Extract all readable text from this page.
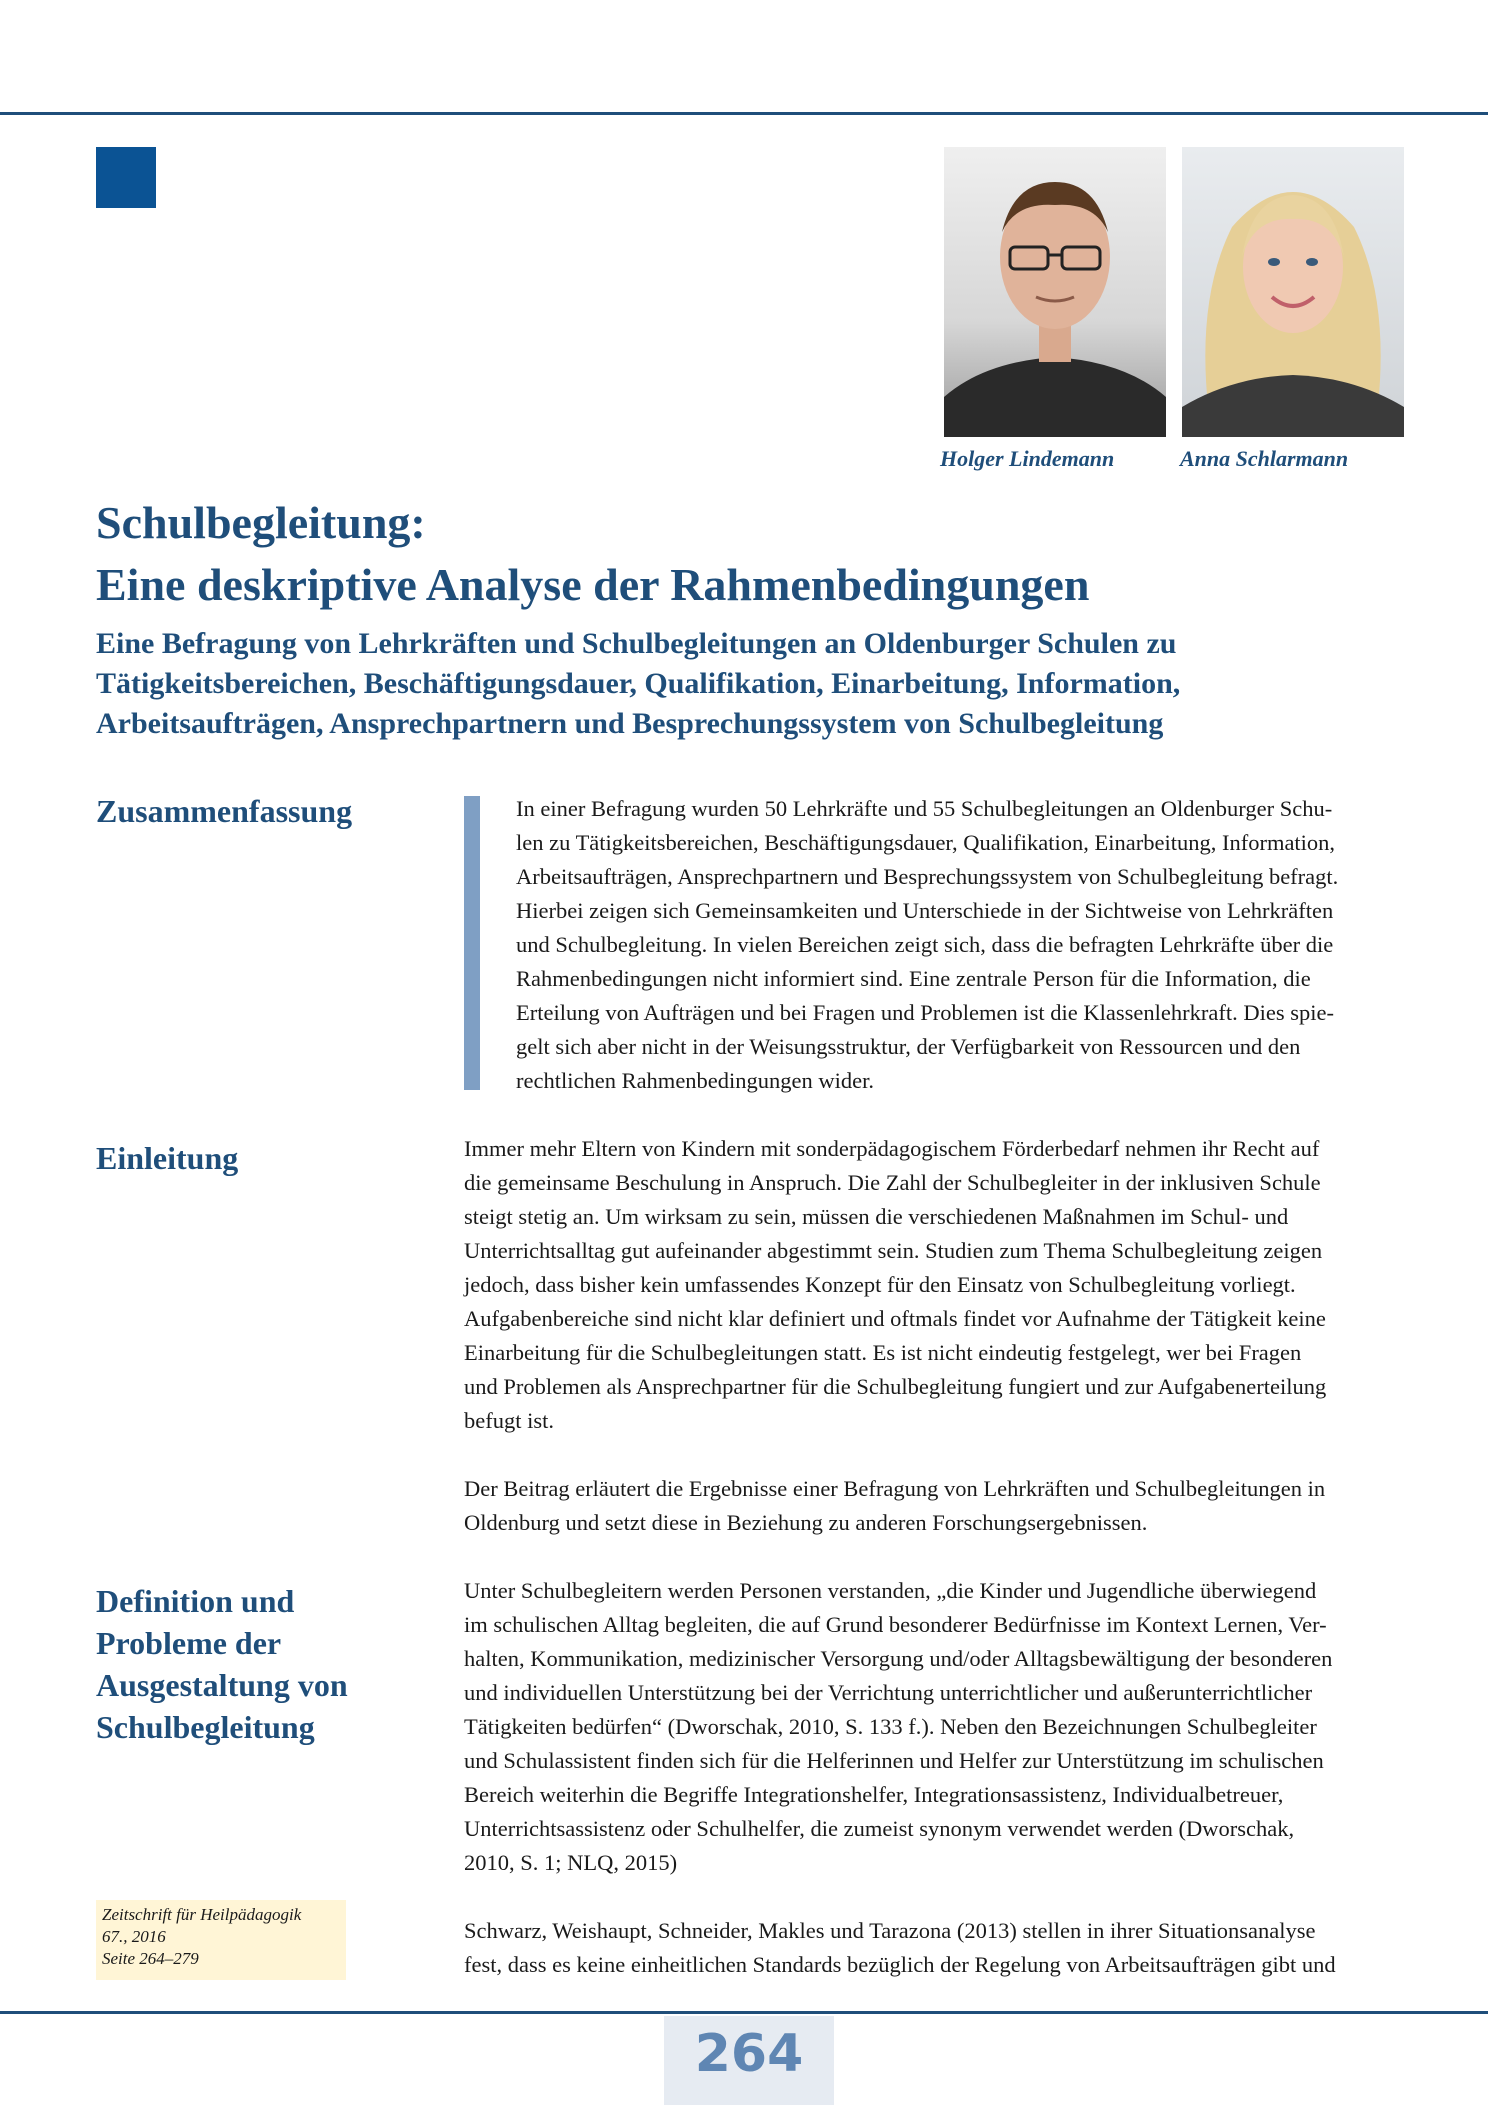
Holger Lindemann	Anna Schlarmann
Schulbegleitung:
Eine deskriptive Analyse der Rahmenbedingungen
Eine Befragung von Lehrkräften und Schulbegleitungen an Oldenburger Schulen zu
Tätigkeitsbereichen, Beschäftigungsdauer, Qualifikation, Einarbeitung, Information,
Arbeitsaufträgen, Ansprechpartnern und Besprechungssystem von Schulbegleitung
Zusammenfassung	In einer Befragung wurden 50 Lehrkräfte und 55 Schulbegleitungen an Oldenburger Schu-
len zu Tätigkeitsbereichen, Beschäftigungsdauer, Qualifikation, Einarbeitung, Information,
Arbeitsaufträgen, Ansprechpartnern und Besprechungssystem von Schulbegleitung befragt.
Hierbei zeigen sich Gemeinsamkeiten und Unterschiede in der Sichtweise von Lehrkräften
und Schulbegleitung. In vielen Bereichen zeigt sich, dass die befragten Lehrkräfte über die
Rahmenbedingungen nicht informiert sind. Eine zentrale Person für die Information, die
Erteilung von Aufträgen und bei Fragen und Problemen ist die Klassenlehrkraft. Dies spie-
gelt sich aber nicht in der Weisungsstruktur, der Verfügbarkeit von Ressourcen und den
rechtlichen Rahmenbedingungen wider.
Einleitung	Immer mehr Eltern von Kindern mit sonderpädagogischem Förderbedarf nehmen ihr Recht auf
die gemeinsame Beschulung in Anspruch. Die Zahl der Schulbegleiter in der inklusiven Schule
steigt stetig an. Um wirksam zu sein, müssen die verschiedenen Maßnahmen im Schul- und
Unterrichtsalltag gut aufeinander abgestimmt sein. Studien zum Thema Schulbegleitung zeigen
jedoch, dass bisher kein umfassendes Konzept für den Einsatz von Schulbegleitung vorliegt.
Aufgabenbereiche sind nicht klar definiert und oftmals findet vor Aufnahme der Tätigkeit keine
Einarbeitung für die Schulbegleitungen statt. Es ist nicht eindeutig festgelegt, wer bei Fragen
und Problemen als Ansprechpartner für die Schulbegleitung fungiert und zur Aufgabenerteilung
befugt ist.
Der Beitrag erläutert die Ergebnisse einer Befragung von Lehrkräften und Schulbegleitungen in
Oldenburg und setzt diese in Beziehung zu anderen Forschungsergebnissen.
Definition und
Probleme der
Ausgestaltung von
Schulbegleitung
Unter Schulbegleitern werden Personen verstanden, „die Kinder und Jugendliche überwiegend
im schulischen Alltag begleiten, die auf Grund besonderer Bedürfnisse im Kontext Lernen, Ver-
halten, Kommunikation, medizinischer Versorgung und/oder Alltagsbewältigung der besonderen
und individuellen Unterstützung bei der Verrichtung unterrichtlicher und außerunterrichtlicher
Tätigkeiten bedürfen“ (Dworschak, 2010, S. 133 f.). Neben den Bezeichnungen Schulbegleiter
und Schulassistent finden sich für die Helferinnen und Helfer zur Unterstützung im schulischen
Bereich weiterhin die Begriffe Integrationshelfer, Integrationsassistenz, Individualbetreuer,
Unterrichtsassistenz oder Schulhelfer, die zumeist synonym verwendet werden (Dworschak,
2010, S. 1; NLQ, 2015)
Zeitschrift für Heilpädagogik
67., 2016
Seite 264–279
Schwarz, Weishaupt, Schneider, Makles und Tarazona (2013) stellen in ihrer Situationsanalyse
fest, dass es keine einheitlichen Standards bezüglich der Regelung von Arbeitsaufträgen gibt und
264
